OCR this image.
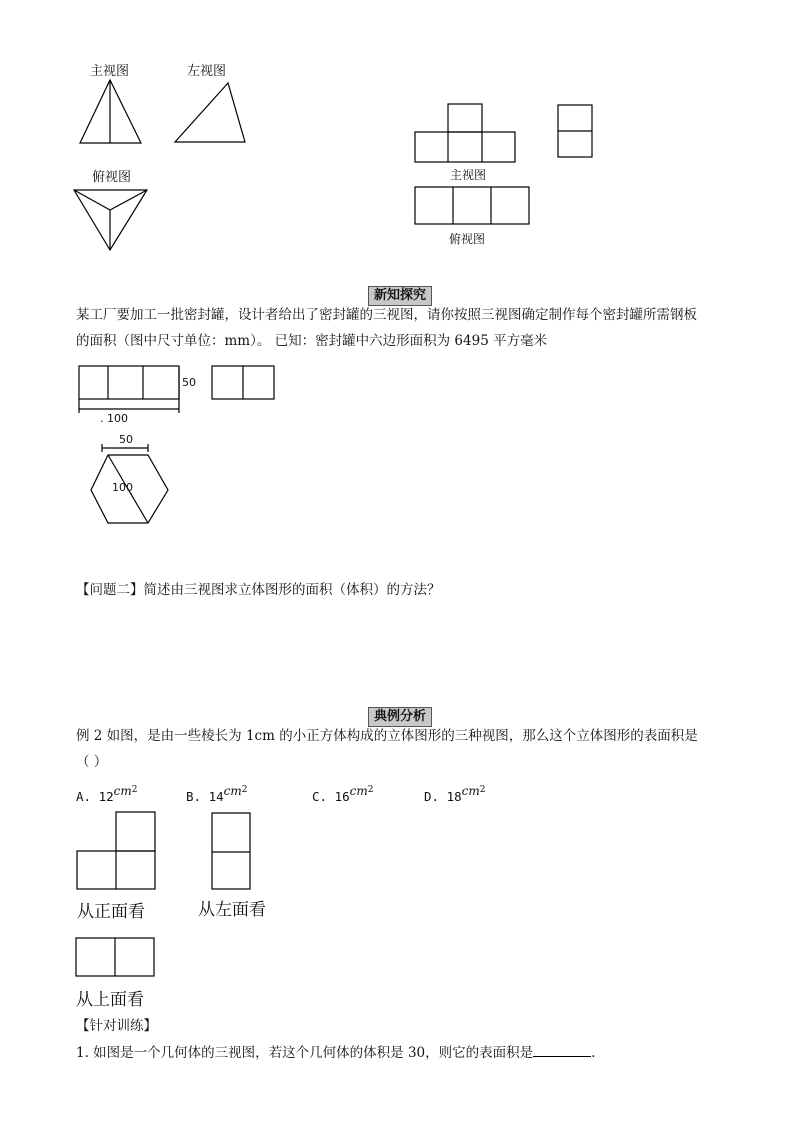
主视图	左视图
俯视图	主视图
俯视图
新知探究
某工厂要加工一批密封罐，设计者给出了密封罐的三视图，请你按照三视图确定制作每个密封罐所需钢板
的面积（图中尺寸单位：mm）。 已知：密封罐中六边形面积为 6495 平方毫米
50
. 100
50
100
【问题二】简述由三视图求立体图形的面积（体积）的方法？
典例分析
例 2 如图，是由一些棱长为 1cm 的小正方体构成的立体图形的三种视图，那么这个立体图形的表面积是
（ ）
A. $12cm^2$	B. $14cm^2$	C. $16cm^2$	D. $18cm^2$
从正面看	从左面看
从上面看
【针对训练】
1. 如图是一个几何体的三视图，若这个几何体的体积是 30，则它的表面积是	.
